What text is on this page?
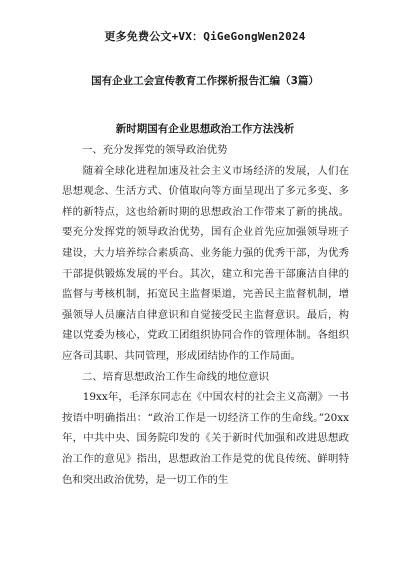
更多免费公文+VX：QiGeGongWen2024
国有企业工会宣传教育工作探析报告汇编（3篇）
新时期国有企业思想政治工作方法浅析

一、充分发挥党的领导政治优势

随着全球化进程加速及社会主义市场经济的发展，人们在思想观念、生活方式、价值取向等方面呈现出了多元多变、多样的新特点，这也给新时期的思想政治工作带来了新的挑战。要充分发挥党的领导政治优势，国有企业首先应加强领导班子建设，大力培养综合素质高、业务能力强的优秀干部，为优秀干部提供锻炼发展的平台。其次，建立和完善干部廉洁自律的监督与考核机制，拓宽民主监督渠道，完善民主监督机制，增强领导人员廉洁自律意识和自觉接受民主监督意识。最后，构建以党委为核心，党政工团组织协同合作的管理体制。各组织应各司其职、共同管理，形成团结协作的工作局面。

二、培育思想政治工作生命线的地位意识

19xx年，毛泽东同志在《中国农村的社会主义高潮》一书按语中明确指出：“政治工作是一切经济工作的生命线。”20xx年，中共中央、国务院印发的《关于新时代加强和改进思想政治工作的意见》指出，思想政治工作是党的优良传统、鲜明特色和突出政治优势，是一切工作的生
